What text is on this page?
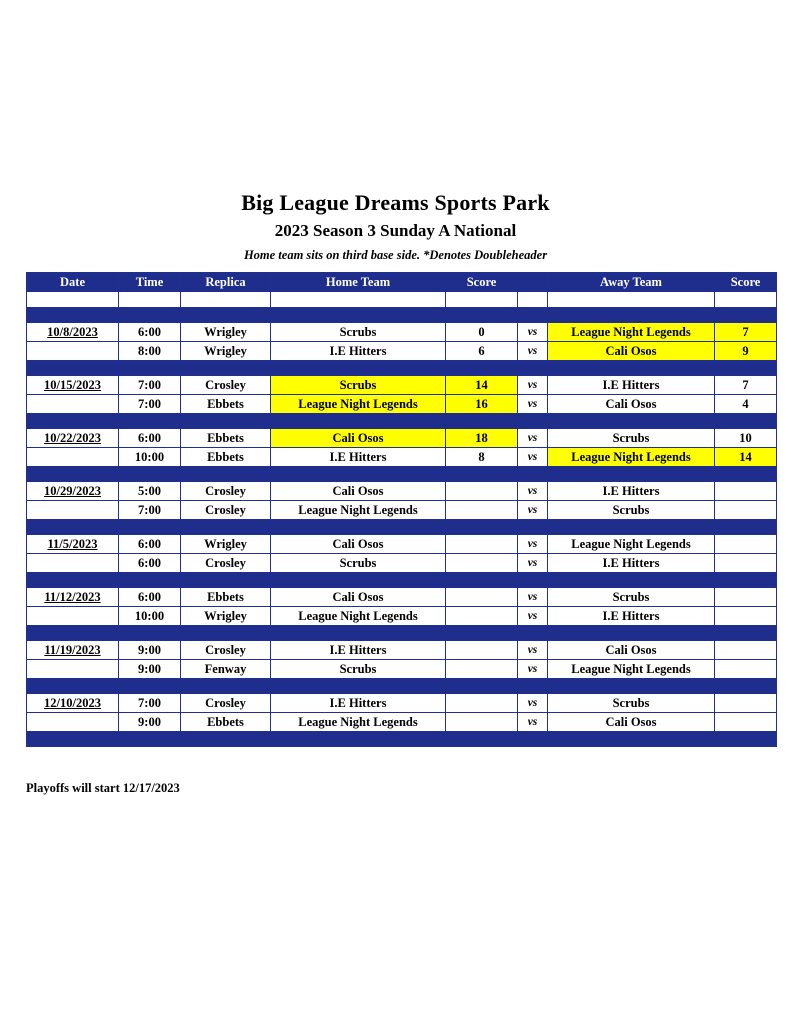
Big League Dreams Sports Park
2023 Season 3 Sunday A National
Home team sits on third base side. *Denotes Doubleheader
Date	Time	Replica	Home Team	Score		Away Team	Score

10/8/2023	6:00	Wrigley	Scrubs	0	vs	League Night Legends	7
	8:00	Wrigley	I.E Hitters	6	vs	Cali Osos	9

10/15/2023	7:00	Crosley	Scrubs	14	vs	I.E Hitters	7
	7:00	Ebbets	League Night Legends	16	vs	Cali Osos	4

10/22/2023	6:00	Ebbets	Cali Osos	18	vs	Scrubs	10
	10:00	Ebbets	I.E Hitters	8	vs	League Night Legends	14

10/29/2023	5:00	Crosley	Cali Osos		vs	I.E Hitters	
	7:00	Crosley	League Night Legends		vs	Scrubs	

11/5/2023	6:00	Wrigley	Cali Osos		vs	League Night Legends	
	6:00	Crosley	Scrubs		vs	I.E Hitters	

11/12/2023	6:00	Ebbets	Cali Osos		vs	Scrubs	
	10:00	Wrigley	League Night Legends		vs	I.E Hitters	

11/19/2023	9:00	Crosley	I.E Hitters		vs	Cali Osos	
	9:00	Fenway	Scrubs		vs	League Night Legends	

12/10/2023	7:00	Crosley	I.E Hitters		vs	Scrubs	
	9:00	Ebbets	League Night Legends		vs	Cali Osos	

Playoffs will start 12/17/2023
